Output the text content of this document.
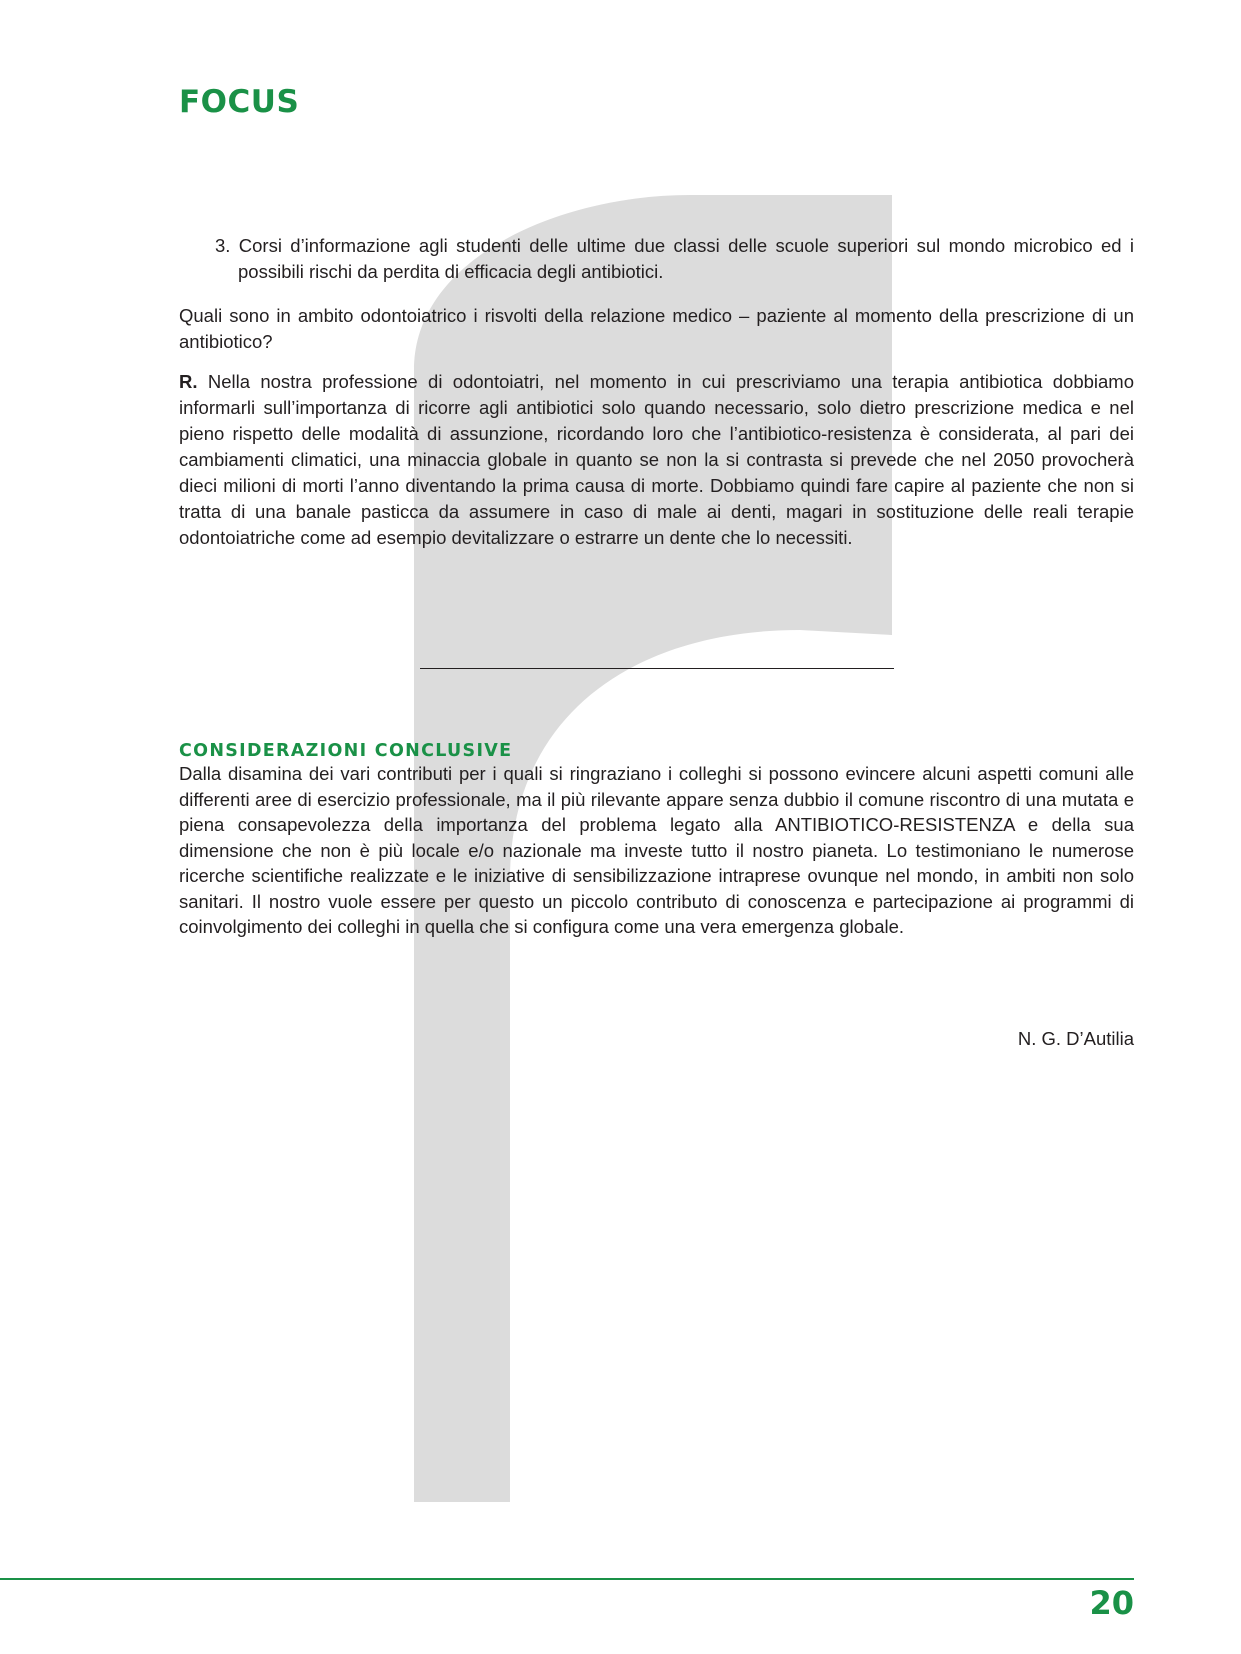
FOCUS

3. Corsi d’informazione agli studenti delle ultime due classi delle scuole superiori sul mondo microbico ed i possibili rischi da perdita di efficacia degli antibiotici.

Quali sono in ambito odontoiatrico i risvolti della relazione medico – paziente al momento della prescrizione di un antibiotico?

R. Nella nostra professione di odontoiatri, nel momento in cui prescriviamo una terapia antibiotica dobbiamo informarli sull’importanza di ricorre agli antibiotici solo quando necessario, solo dietro prescrizione medica e nel pieno rispetto delle modalità di assunzione, ricordando loro che l’antibiotico-resistenza è considerata, al pari dei cambiamenti climatici, una minaccia globale in quanto se non la si contrasta si prevede che nel 2050 provocherà dieci milioni di morti l’anno diventando la prima causa di morte. Dobbiamo quindi fare capire al paziente che non si tratta di una banale pasticca da assumere in caso di male ai denti, magari in sostituzione delle reali terapie odontoiatriche come ad esempio devitalizzare o estrarre un dente che lo necessiti.

CONSIDERAZIONI CONCLUSIVE

Dalla disamina dei vari contributi per i quali si ringraziano i colleghi si possono evincere alcuni aspetti comuni alle differenti aree di esercizio professionale, ma il più rilevante appare senza dubbio il comune riscontro di una mutata e piena consapevolezza della importanza del problema legato alla ANTIBIOTICO-RESISTENZA e della sua dimensione che non è più locale e/o nazionale ma investe tutto il nostro pianeta. Lo testimoniano le numerose ricerche scientifiche realizzate e le iniziative di sensibilizzazione intraprese ovunque nel mondo, in ambiti non solo sanitari. Il nostro vuole essere per questo un piccolo contributo di conoscenza e partecipazione ai programmi di coinvolgimento dei colleghi in quella che si configura come una vera emergenza globale.

N. G. D’Autilia

20
